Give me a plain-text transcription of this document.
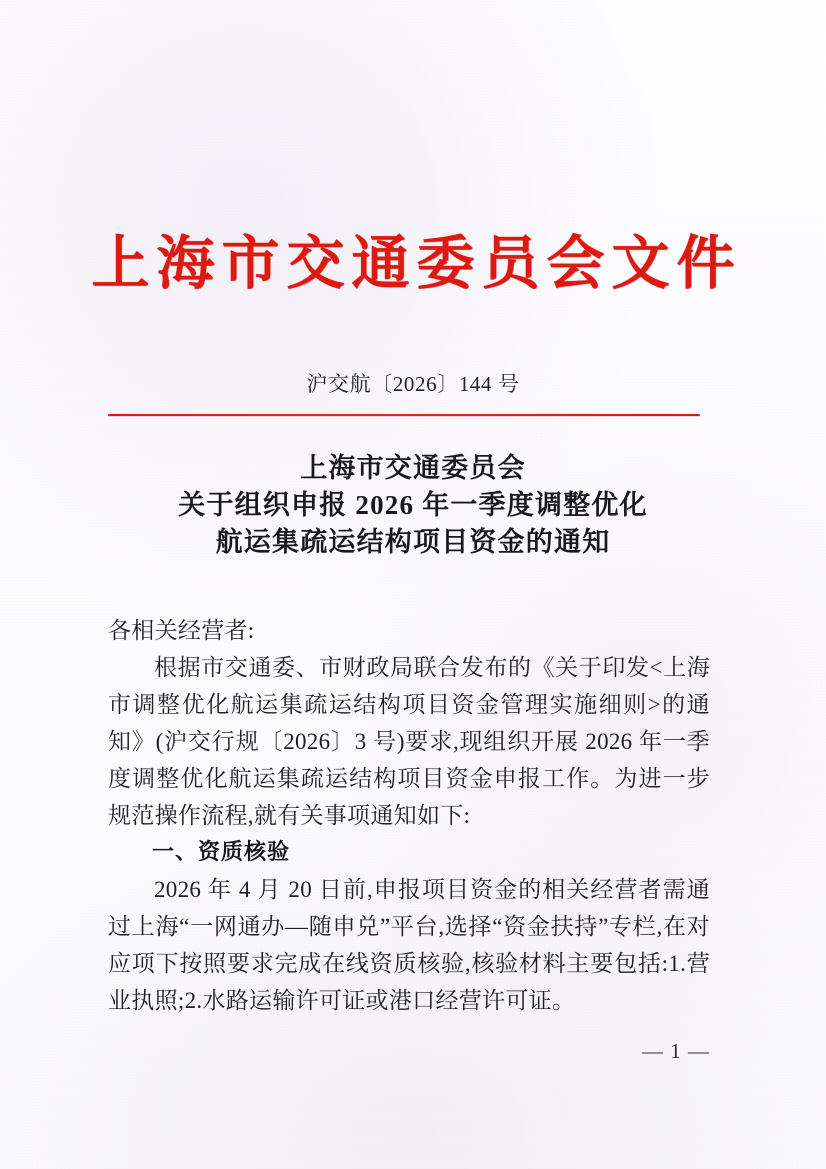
上海市交通委员会文件
沪交航〔2026〕144 号
上海市交通委员会
关于组织申报 2026 年一季度调整优化
航运集疏运结构项目资金的通知

各相关经营者:

根据市交通委、市财政局联合发布的《关于印发<上海市调整优化航运集疏运结构项目资金管理实施细则>的通知》(沪交行规〔2026〕3 号)要求,现组织开展 2026 年一季度调整优化航运集疏运结构项目资金申报工作。为进一步规范操作流程,就有关事项通知如下:

一、资质核验

2026 年 4 月 20 日前,申报项目资金的相关经营者需通过上海“一网通办—随申兑”平台,选择“资金扶持”专栏,在对应项下按照要求完成在线资质核验,核验材料主要包括:1.营业执照;2.水路运输许可证或港口经营许可证。

— 1 —
